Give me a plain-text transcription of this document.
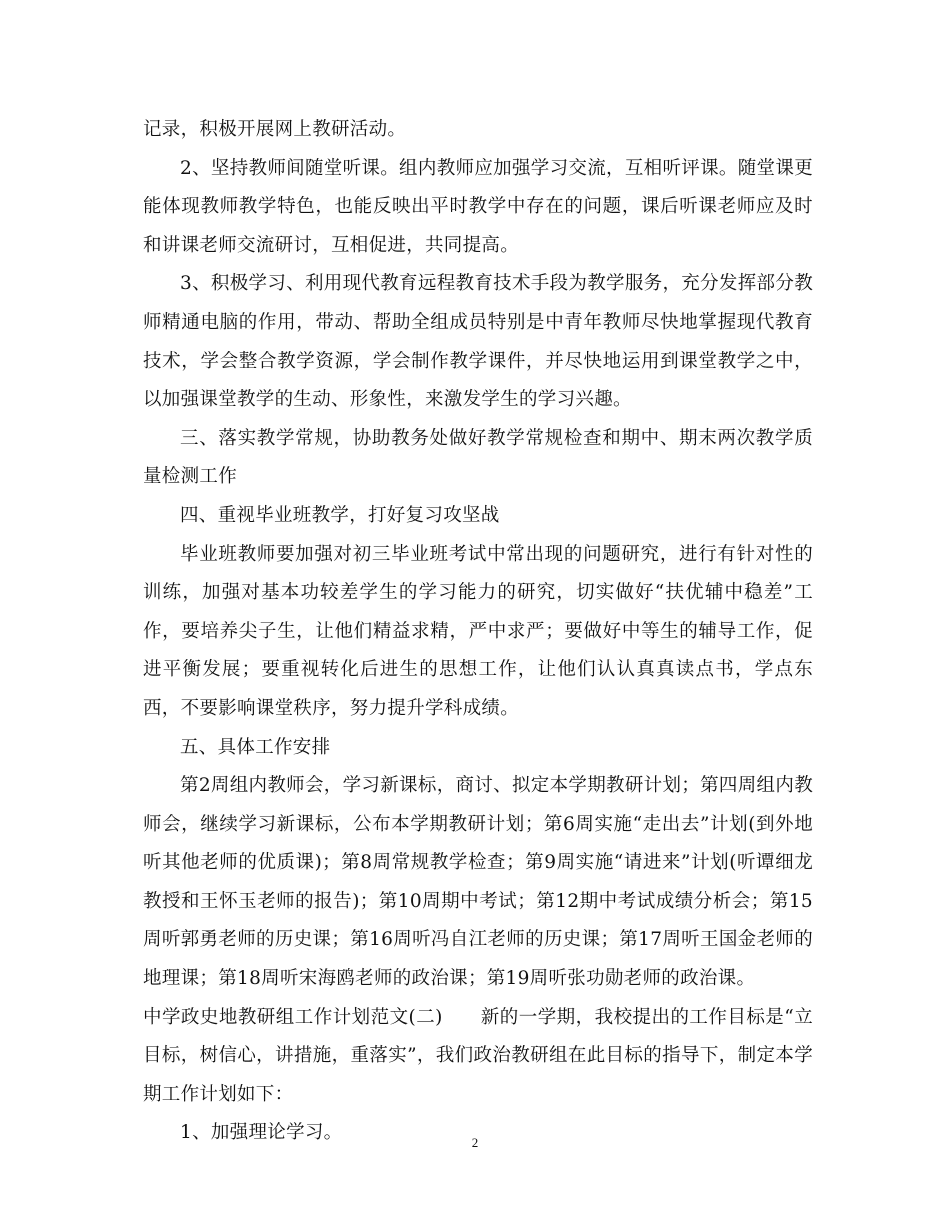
记录，积极开展网上教研活动。

2、坚持教师间随堂听课。组内教师应加强学习交流，互相听评课。随堂课更能体现教师教学特色，也能反映出平时教学中存在的问题，课后听课老师应及时和讲课老师交流研讨，互相促进，共同提高。

3、积极学习、利用现代教育远程教育技术手段为教学服务，充分发挥部分教师精通电脑的作用，带动、帮助全组成员特别是中青年教师尽快地掌握现代教育技术，学会整合教学资源，学会制作教学课件，并尽快地运用到课堂教学之中，以加强课堂教学的生动、形象性，来激发学生的学习兴趣。

三、落实教学常规，协助教务处做好教学常规检查和期中、期末两次教学质量检测工作

四、重视毕业班教学，打好复习攻坚战

毕业班教师要加强对初三毕业班考试中常出现的问题研究，进行有针对性的训练，加强对基本功较差学生的学习能力的研究，切实做好“扶优辅中稳差”工作，要培养尖子生，让他们精益求精，严中求严；要做好中等生的辅导工作，促进平衡发展；要重视转化后进生的思想工作，让他们认认真真读点书，学点东西，不要影响课堂秩序，努力提升学科成绩。

五、具体工作安排

第2周组内教师会，学习新课标，商讨、拟定本学期教研计划；第四周组内教师会，继续学习新课标，公布本学期教研计划；第6周实施“走出去”计划(到外地听其他老师的优质课)；第8周常规教学检查；第9周实施“请进来”计划(听谭细龙教授和王怀玉老师的报告)；第10周期中考试；第12期中考试成绩分析会；第15周听郭勇老师的历史课；第16周听冯自江老师的历史课；第17周听王国金老师的地理课；第18周听宋海鸥老师的政治课；第19周听张功勋老师的政治课。

中学政史地教研组工作计划范文(二)　　新的一学期，我校提出的工作目标是“立目标，树信心，讲措施，重落实”，我们政治教研组在此目标的指导下，制定本学期工作计划如下：

1、加强理论学习。	2
